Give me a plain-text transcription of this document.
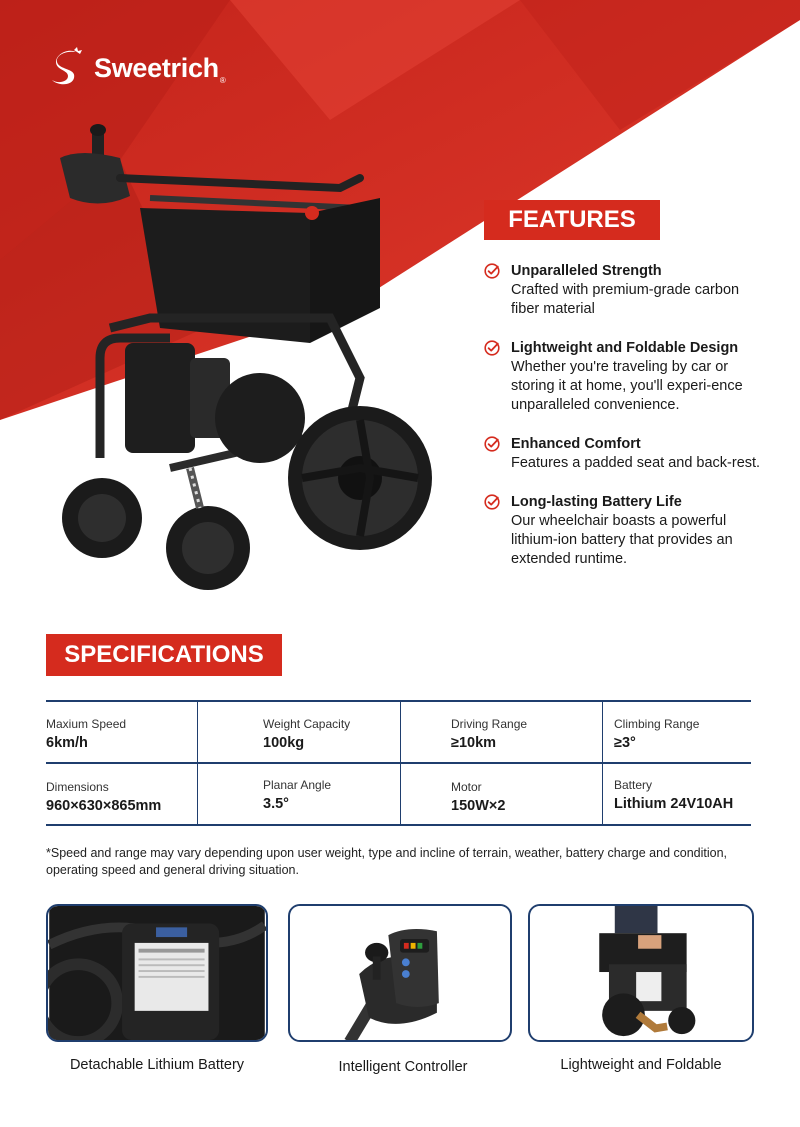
Sweetrich ®
FEATURES
Unparalleled Strength
Crafted with premium-grade carbon fiber material
Lightweight and Foldable Design
Whether you're traveling by car or storing it at home, you'll experi-ence unparalleled convenience.
Enhanced Comfort
Features a padded seat and back-rest.
Long-lasting Battery Life
Our wheelchair boasts a powerful lithium-ion battery that provides an extended runtime.
SPECIFICATIONS
Maxium Speed
6km/h
Weight Capacity
100kg
Driving Range
≥10km
Climbing Range
≥3°
Dimensions
960×630×865mm
Planar Angle
3.5°
Motor
150W×2
Battery
Lithium 24V10AH
*Speed and range may vary depending upon user weight, type and incline of terrain, weather, battery charge and condition, operating speed and general driving situation.
Detachable Lithium Battery	Intelligent Controller	Lightweight and Foldable
